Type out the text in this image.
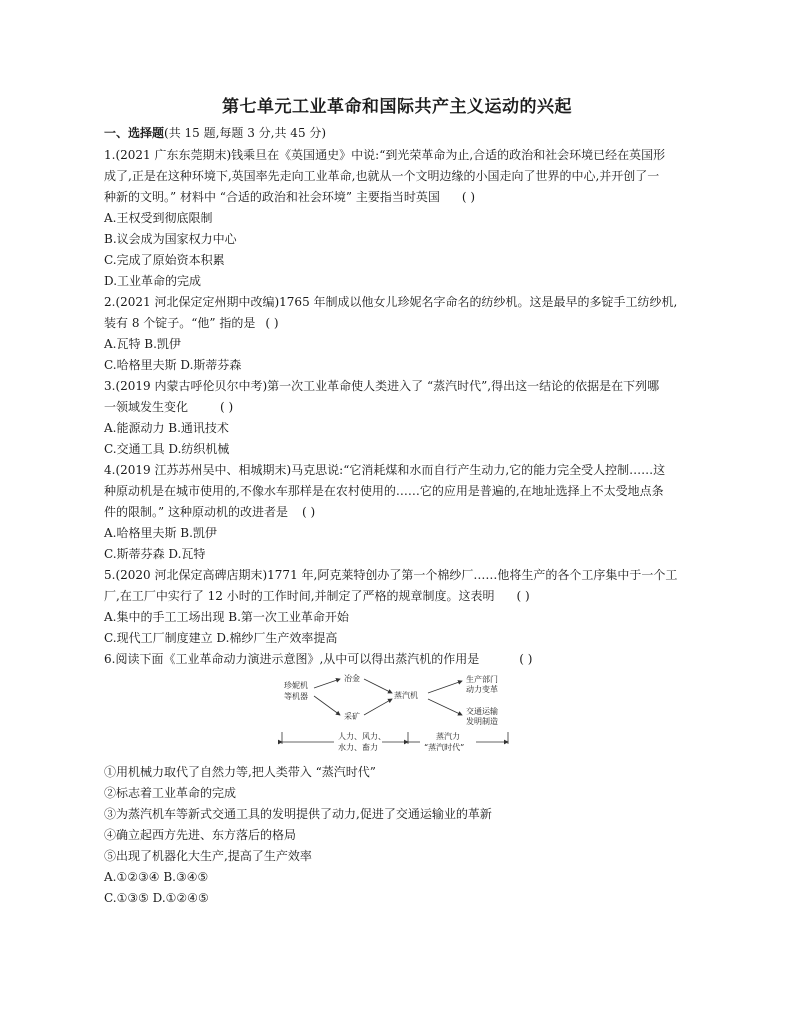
第七单元工业革命和国际共产主义运动的兴起
一、选择题(共 15 题,每题 3 分,共 45 分)
1.(2021 广东东莞期末)钱乘旦在《英国通史》中说:“到光荣革命为止,合适的政治和社会环境已经在英国形
成了,正是在这种环境下,英国率先走向工业革命,也就从一个文明边缘的小国走向了世界的中心,并开创了一
种新的文明。” 材料中 “合适的政治和社会环境” 主要指当时英国 ( )
A.王权受到彻底限制
B.议会成为国家权力中心
C.完成了原始资本积累
D.工业革命的完成
2.(2021 河北保定定州期中改编)1765 年制成以他女儿珍妮名字命名的纺纱机。这是最早的多锭手工纺纱机,
装有 8 个锭子。“他” 指的是 ( )
A.瓦特 B.凯伊
C.哈格里夫斯 D.斯蒂芬森
3.(2019 内蒙古呼伦贝尔中考)第一次工业革命使人类进入了 “蒸汽时代”,得出这一结论的依据是在下列哪
一领域发生变化	( )
A.能源动力 B.通讯技术
C.交通工具 D.纺织机械
4.(2019 江苏苏州吴中、相城期末)马克思说:“它消耗煤和水而自行产生动力,它的能力完全受人控制……这
种原动机是在城市使用的,不像水车那样是在农村使用的……它的应用是普遍的,在地址选择上不太受地点条
件的限制。” 这种原动机的改进者是 ( )
A.哈格里夫斯 B.凯伊
C.斯蒂芬森 D.瓦特
5.(2020 河北保定高碑店期末)1771 年,阿克莱特创办了第一个棉纱厂……他将生产的各个工序集中于一个工
厂,在工厂中实行了 12 小时的工作时间,并制定了严格的规章制度。这表明 ( )
A.集中的手工工场出现 B.第一次工业革命开始
C.现代工厂制度建立 D.棉纱厂生产效率提高
6.阅读下面《工业革命动力演进示意图》,从中可以得出蒸汽机的作用是	( )
珍妮机
等机器
冶金
采矿
蒸汽机
生产部门
动力变革
交通运输
发明制造
人力、风力、
水力、畜力
蒸汽力
“蒸汽时代”
①用机械力取代了自然力等,把人类带入 “蒸汽时代”
②标志着工业革命的完成
③为蒸汽机车等新式交通工具的发明提供了动力,促进了交通运输业的革新
④确立起西方先进、东方落后的格局
⑤出现了机器化大生产,提高了生产效率
A.①②③④ B.③④⑤
C.①③⑤ D.①②④⑤
